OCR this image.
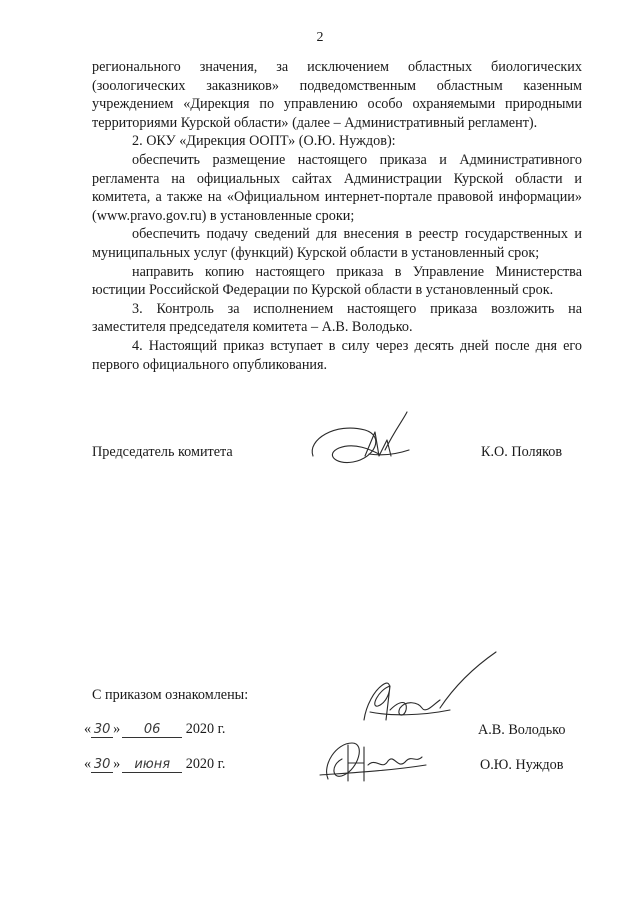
2

регионального значения, за исключением областных биологических (зоологических заказников» подведомственным областным казенным учреждением «Дирекция по управлению особо охраняемыми природными территориями Курской области» (далее – Административный регламент).

2. ОКУ «Дирекция ООПТ» (О.Ю. Нуждов):

обеспечить размещение настоящего приказа и Административного регламента на официальных сайтах Администрации Курской области и комитета, а также на «Официальном интернет-портале правовой информации» (www.pravo.gov.ru) в установленные сроки;

обеспечить подачу сведений для внесения в реестр государственных и муниципальных услуг (функций) Курской области в установленный срок;

направить копию настоящего приказа в Управление Министерства юстиции Российской Федерации по Курской области в установленный срок.

3. Контроль за исполнением настоящего приказа возложить на заместителя председателя комитета – А.В. Володько.

4. Настоящий приказ вступает в силу через десять дней после дня его первого официального опубликования.

Председатель комитета	К.О. Поляков
С приказом ознакомлены:
« 30 » 06 2020 г.	А.В. Володько
« 30 » июня 2020 г.	О.Ю. Нуждов
